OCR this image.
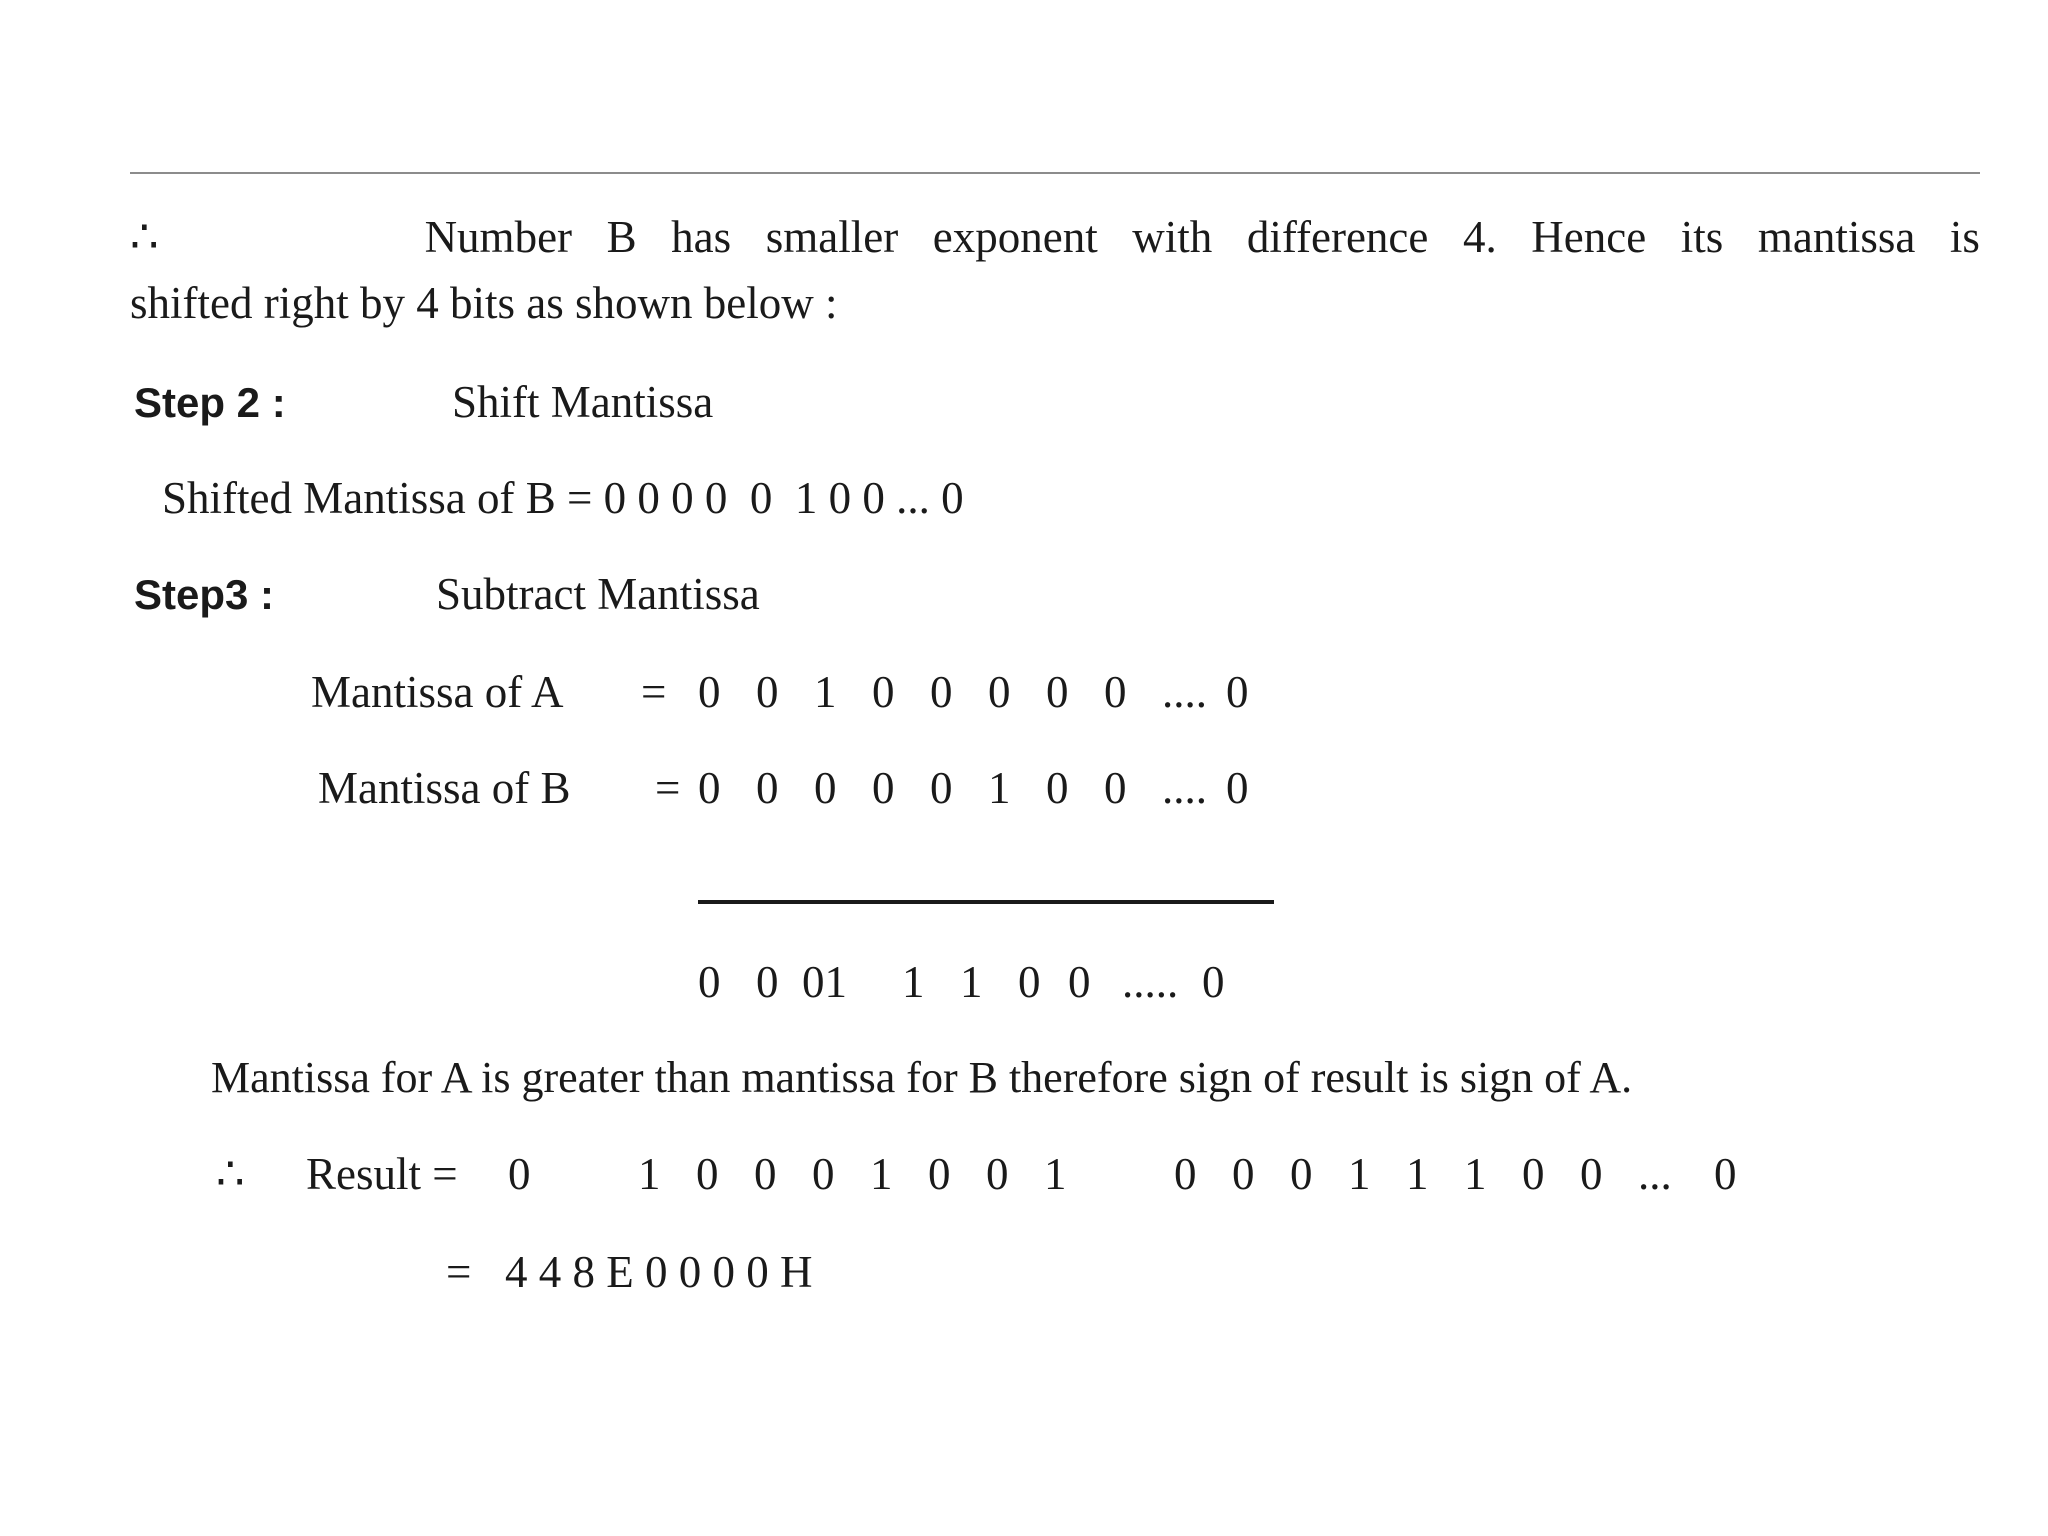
∴	Number B has smaller exponent with difference 4. Hence its mantissa is
shifted right by 4 bits as shown below :
Step 2 :	Shift Mantissa
Shifted Mantissa of B = 0 0 0 0  0  1 0 0 ... 0
Step3 :	Subtract Mantissa
Mantissa of A = 0 0 1 0 0 0 0 0 .... 0
Mantissa of B = 0 0 0 0 0 1 0 0 .... 0
0 0 01	1 1 0 0 ..... 0
Mantissa for A is greater than mantissa for B therefore sign of result is sign of A.
∴ Result = 0 1 0 0 0 1 0 0 1 0 0 0 1 1 1 0 0 ... 0
= 4 4 8 E 0 0 0 0 H
